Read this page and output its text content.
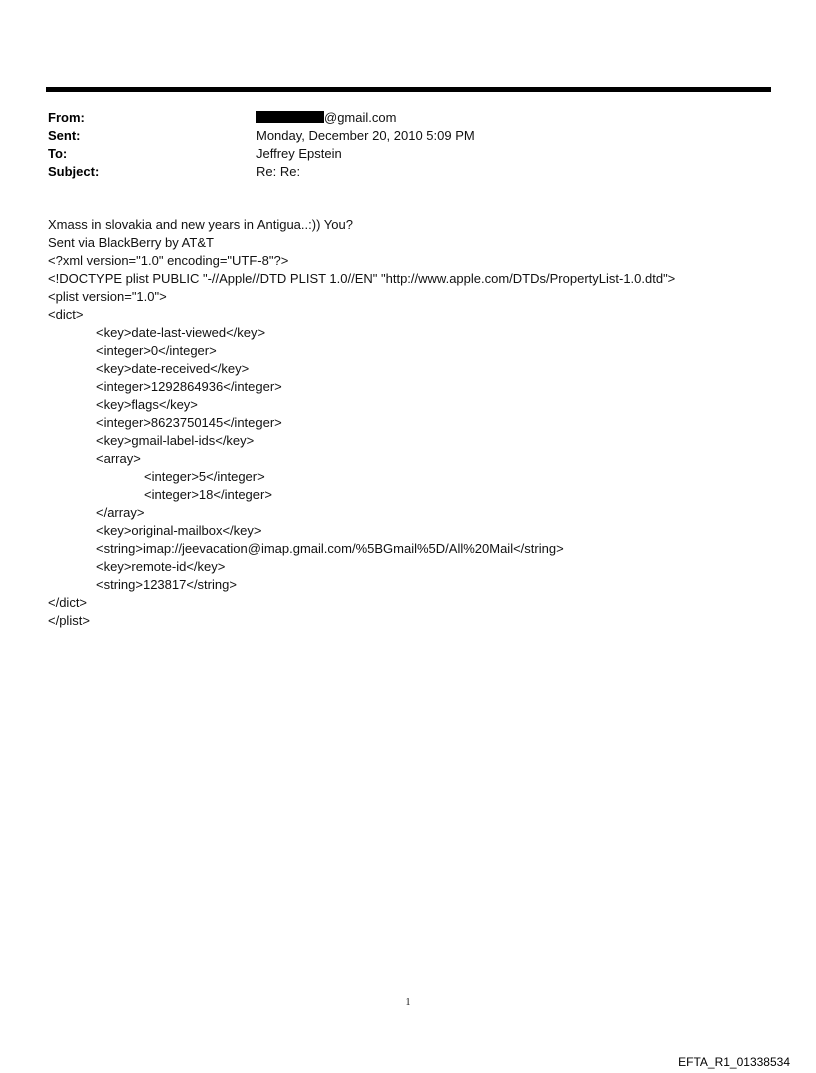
From:	@gmail.com
Sent:	Monday, December 20, 2010 5:09 PM
To:	Jeffrey Epstein
Subject:	Re: Re:
Xmass in slovakia and new years in Antigua..:)) You?
Sent via BlackBerry by AT&T
<?xml version="1.0" encoding="UTF-8"?>
<!DOCTYPE plist PUBLIC "-//Apple//DTD PLIST 1.0//EN" "http://www.apple.com/DTDs/PropertyList-1.0.dtd">
<plist version="1.0">
<dict>
<key>date-last-viewed</key>
<integer>0</integer>
<key>date-received</key>
<integer>1292864936</integer>
<key>flags</key>
<integer>8623750145</integer>
<key>gmail-label-ids</key>
<array>
<integer>5</integer>
<integer>18</integer>
</array>
<key>original-mailbox</key>
<string>imap://jeevacation@imap.gmail.com/%5BGmail%5D/All%20Mail</string>
<key>remote-id</key>
<string>123817</string>
</dict>
</plist>
1
EFTA_R1_01338534
